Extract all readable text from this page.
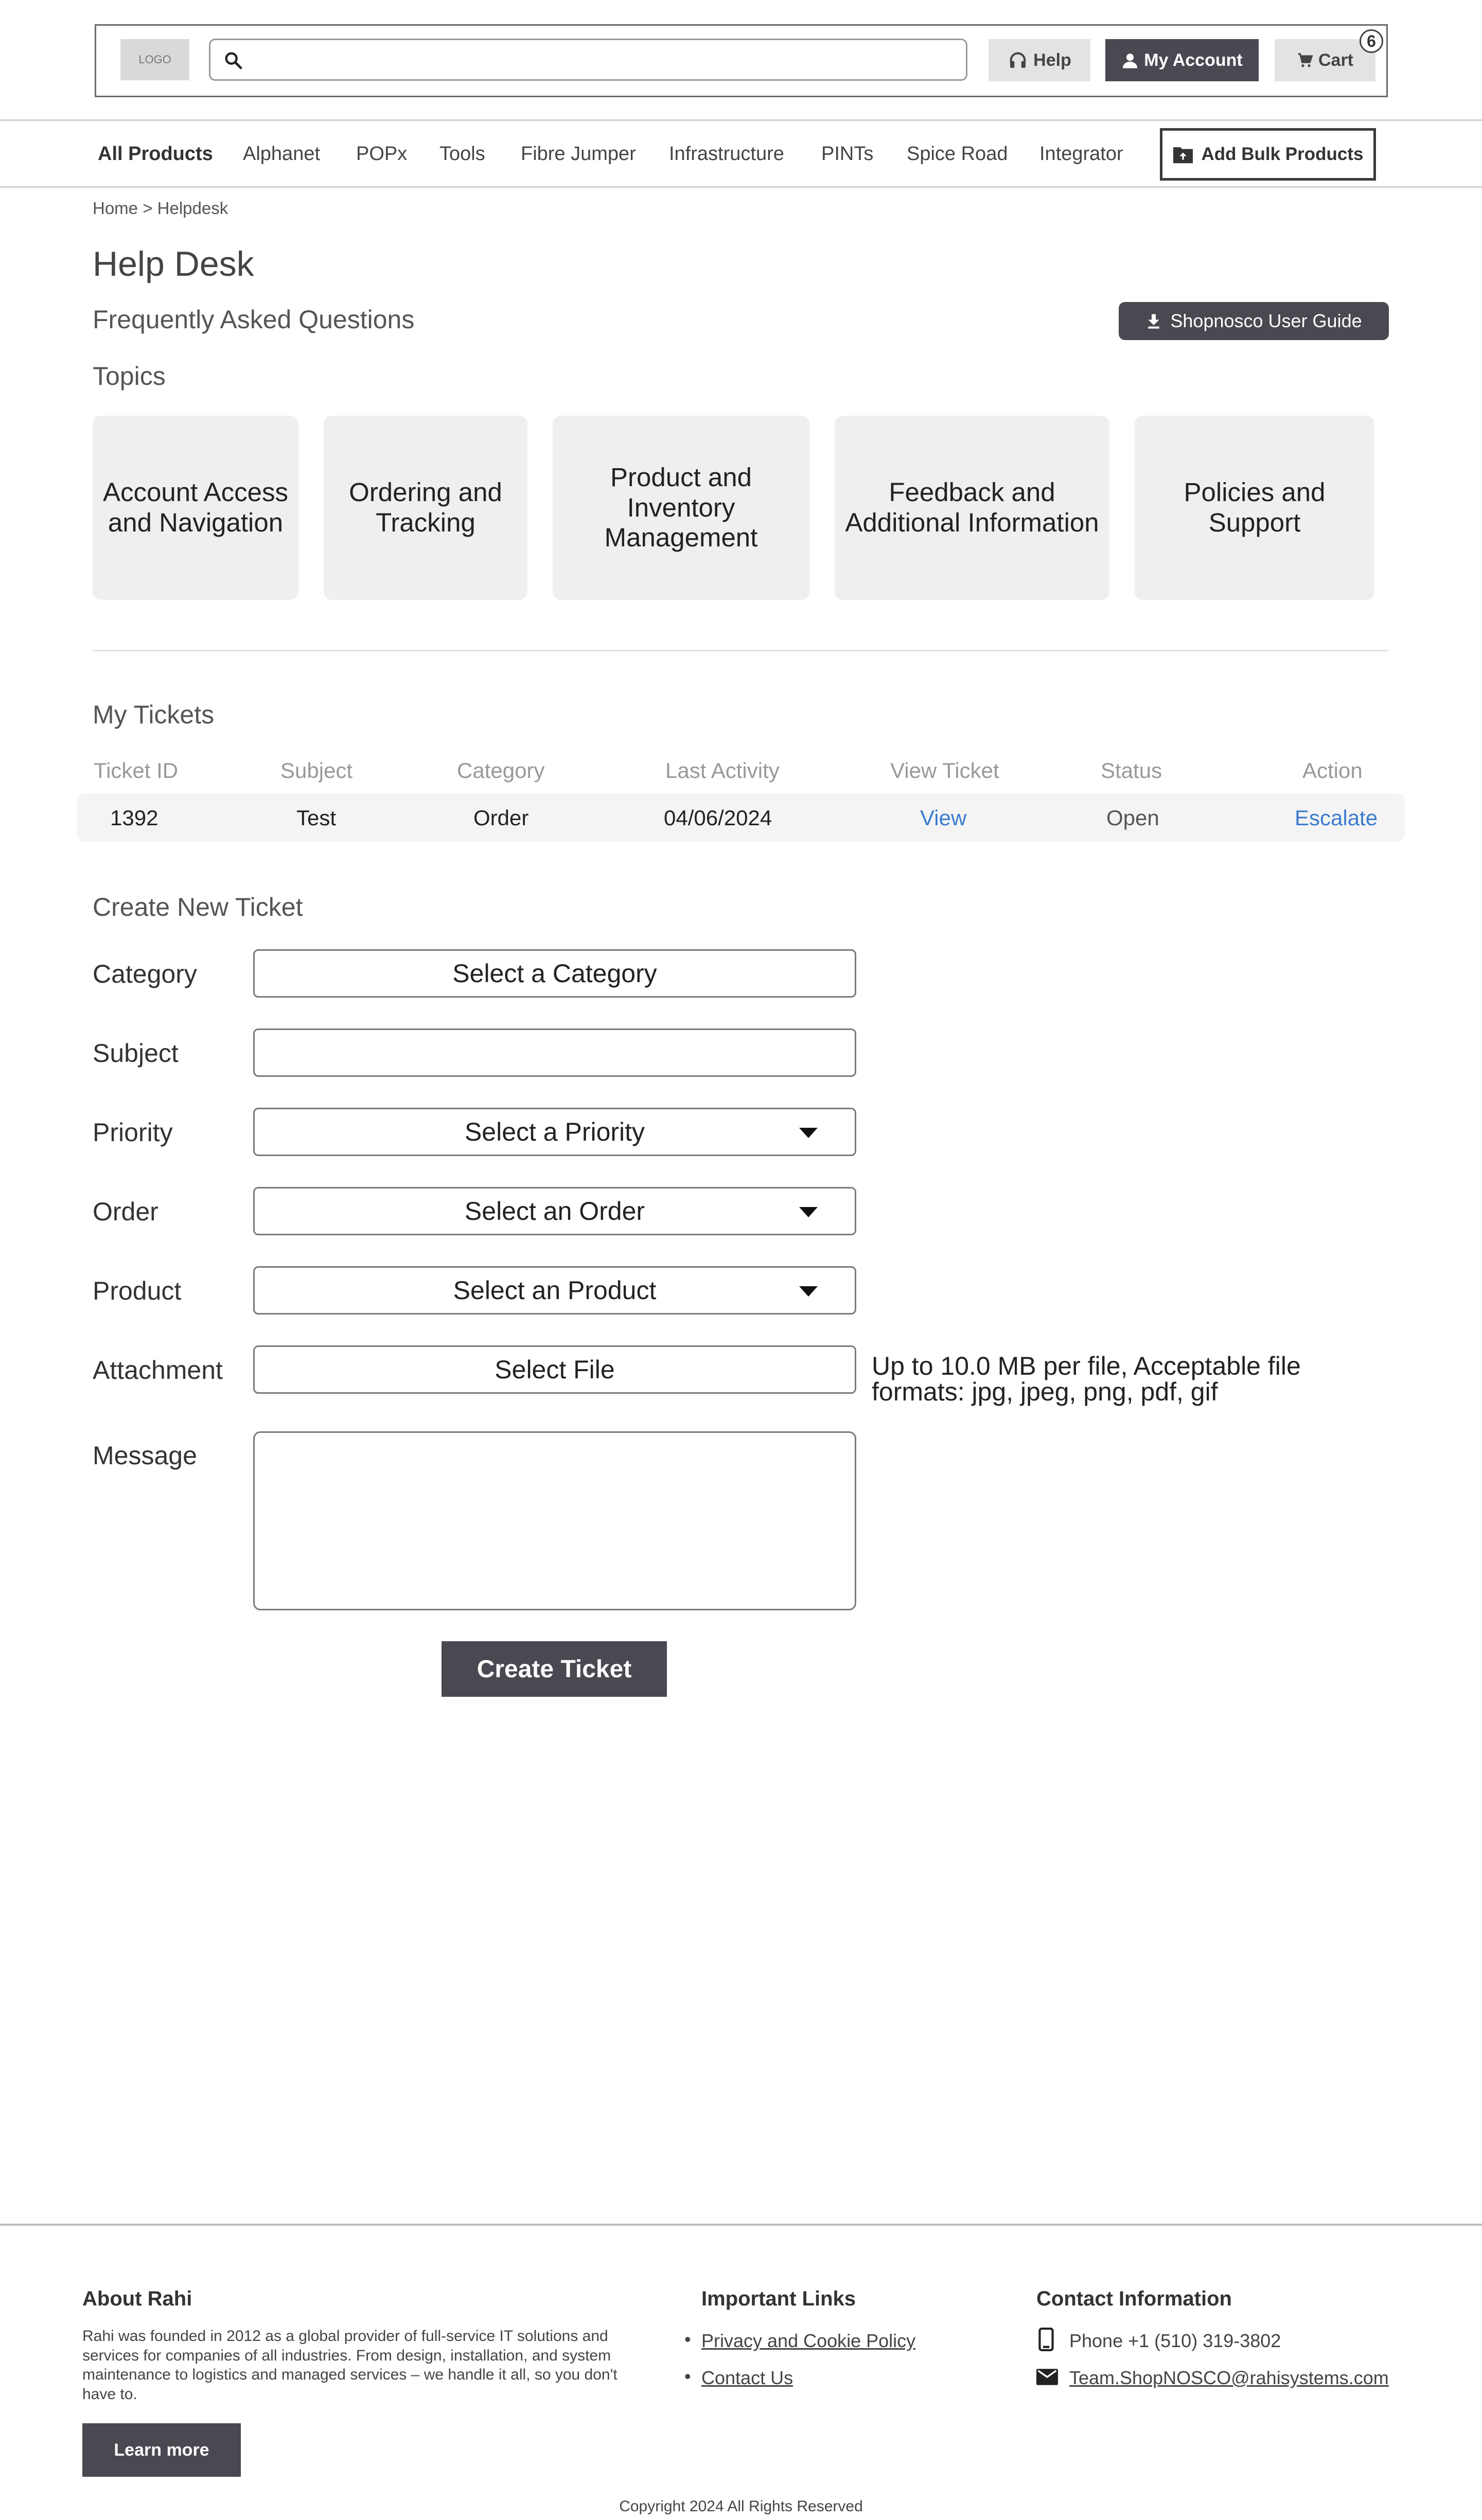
LOGO	Help	My Account	Cart
6
All Products Alphanet POPx Tools Fibre Jumper Infrastructure PINTs Spice Road Integrator	Add Bulk Products
Home > Helpdesk
Help Desk
Frequently Asked Questions	Shopnosco User Guide
Topics
Account Access and Navigation
Ordering and Tracking
Product and Inventory Management
Feedback and Additional Information
Policies and Support
My Tickets
Ticket ID	Subject	Category	Last Activity	View Ticket	Status	Action
1392	Test	Order	04/06/2024	View	Open	Escalate
Create New Ticket
Category	Select a Category
Subject
Priority	Select a Priority
Order	Select an Order
Product	Select an Product
Attachment	Select File	Up to 10.0 MB per file, Acceptable file formats: jpg, jpeg, png, pdf, gif
Message
Create Ticket
About Rahi
Rahi was founded in 2012 as a global provider of full-service IT solutions and services for companies of all industries. From design, installation, and system maintenance to logistics and managed services – we handle it all, so you don't have to.
Learn more
Important Links
• Privacy and Cookie Policy
• Contact Us
Contact Information
Phone +1 (510) 319-3802
Team.ShopNOSCO@rahisystems.com
Copyright 2024 All Rights Reserved
